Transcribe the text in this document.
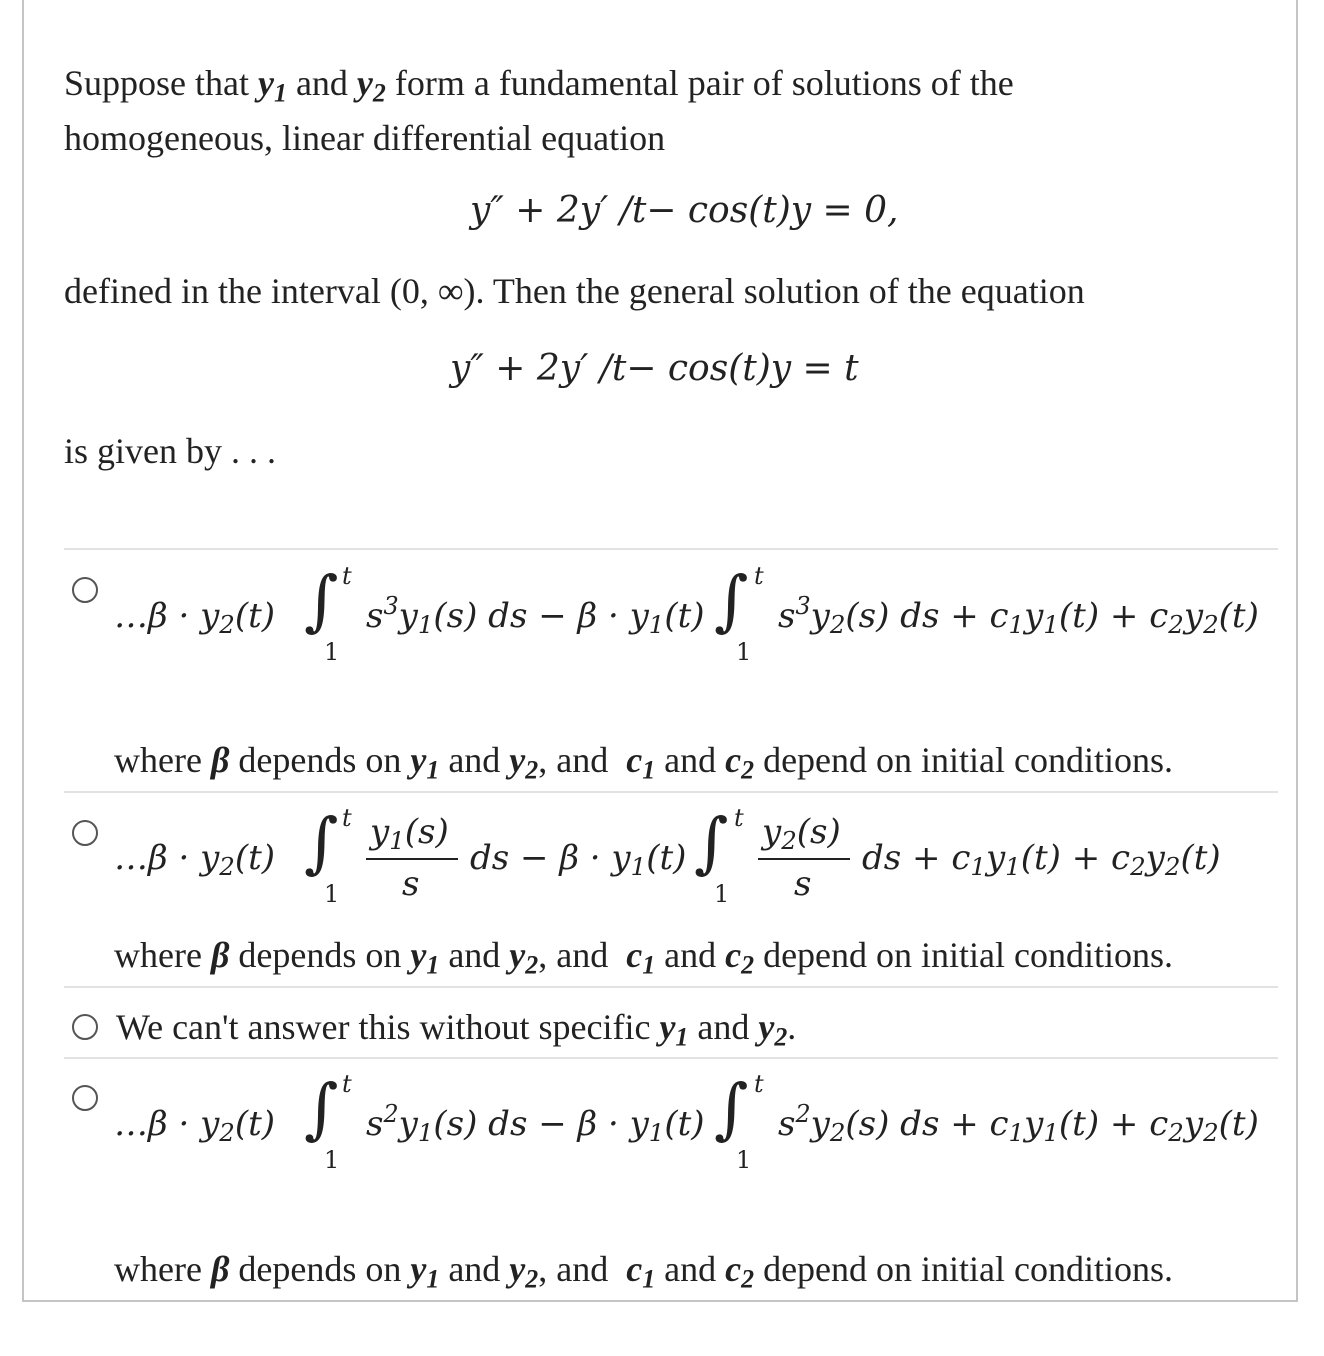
Suppose that $y_1$ and $y_2$ form a fundamental pair of solutions of the
homogeneous, linear differential equation
y″ + 2y′ /t− cos(t)y = 0,
defined in the interval (0, ∞). Then the general solution of the equation
y″ + 2y′ /t− cos(t)y = t
is given by . . .
…β · $y_2(t)$ ∫ t
1
$s^3y_1(s)$ ds − $\beta \cdot y_1(t)$ ∫ t
1
$s^3y_2(s)$ ds + $c_1y_1(t) + c_2y_2(t)$
where β depends on $y_1$ and $y_2$, and $c_1$ and $c_2$ depend on initial conditions.
…β · $y_2(t)$ ∫ t
1
$y_1(s)$
s
ds − $\beta \cdot y_1(t)$ ∫ t
1
$y_2(s)$
s
ds + $c_1y_1(t) + c_2y_2(t)$
where β depends on $y_1$ and $y_2$, and $c_1$ and $c_2$ depend on initial conditions.
We can't answer this without specific $y_1$ and $y_2$.
…β · $y_2(t)$ ∫ t
1
$s^2y_1(s)$ ds − $\beta \cdot y_1(t)$ ∫ t
1
$s^2y_2(s)$ ds + $c_1y_1(t) + c_2y_2(t)$
where β depends on $y_1$ and $y_2$, and $c_1$ and $c_2$ depend on initial conditions.
